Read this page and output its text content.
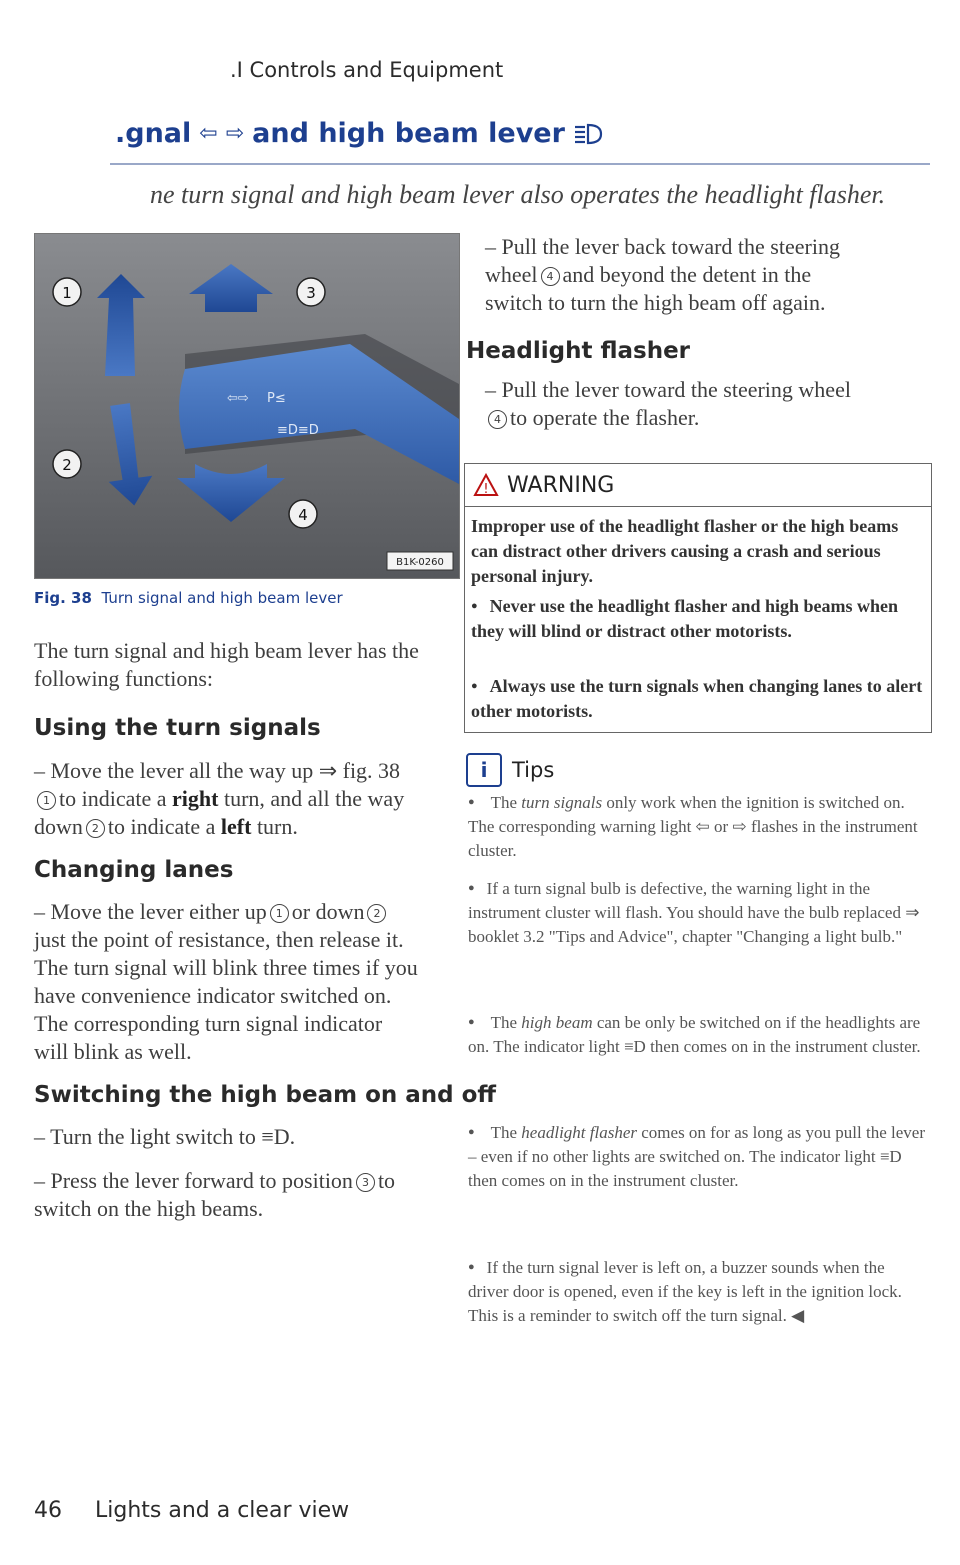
.I Controls and Equipment
.gnal ⇦ ⇨ and high beam lever
ne turn signal and high beam lever also operates the headlight flasher.
⇦⇨ P≤
≡D≡D
1
2
3
4
B1K-0260
Fig. 38 Turn signal and high beam lever
The turn signal and high beam lever has the following functions:
Using the turn signals
– Move the lever all the way up ⇒ fig. 38
1 to indicate a right turn, and all the way
down 2 to indicate a left turn.
Changing lanes
– Move the lever either up 1 or down 2
just the point of resistance, then release it.
The turn signal will blink three times if you
have convenience indicator switched on.
The corresponding turn signal indicator
will blink as well.
Switching the high beam on and off
– Turn the light switch to ≡D.
– Press the lever forward to position 3 to
switch on the high beams.
– Pull the lever back toward the steering
wheel 4 and beyond the detent in the
switch to turn the high beam off again.
Headlight flasher
– Pull the lever toward the steering wheel
4 to operate the flasher.
! WARNING
Improper use of the headlight flasher or the high beams can distract other drivers causing a crash and serious personal injury.
● Never use the headlight flasher and high beams when they will blind or distract other motorists.
● Always use the turn signals when changing lanes to alert other motorists.
i	Tips
● The turn signals only work when the ignition is switched on. The corresponding warning light ⇦ or ⇨ flashes in the instrument cluster.
● If a turn signal bulb is defective, the warning light in the instrument cluster will flash. You should have the bulb replaced ⇒ booklet 3.2 "Tips and Advice", chapter "Changing a light bulb."
● The high beam can be only be switched on if the headlights are on. The indicator light ≡D then comes on in the instrument cluster.
● The headlight flasher comes on for as long as you pull the lever – even if no other lights are switched on. The indicator light ≡D then comes on in the instrument cluster.
● If the turn signal lever is left on, a buzzer sounds when the driver door is opened, even if the key is left in the ignition lock. This is a reminder to switch off the turn signal. ◀
46 Lights and a clear view
